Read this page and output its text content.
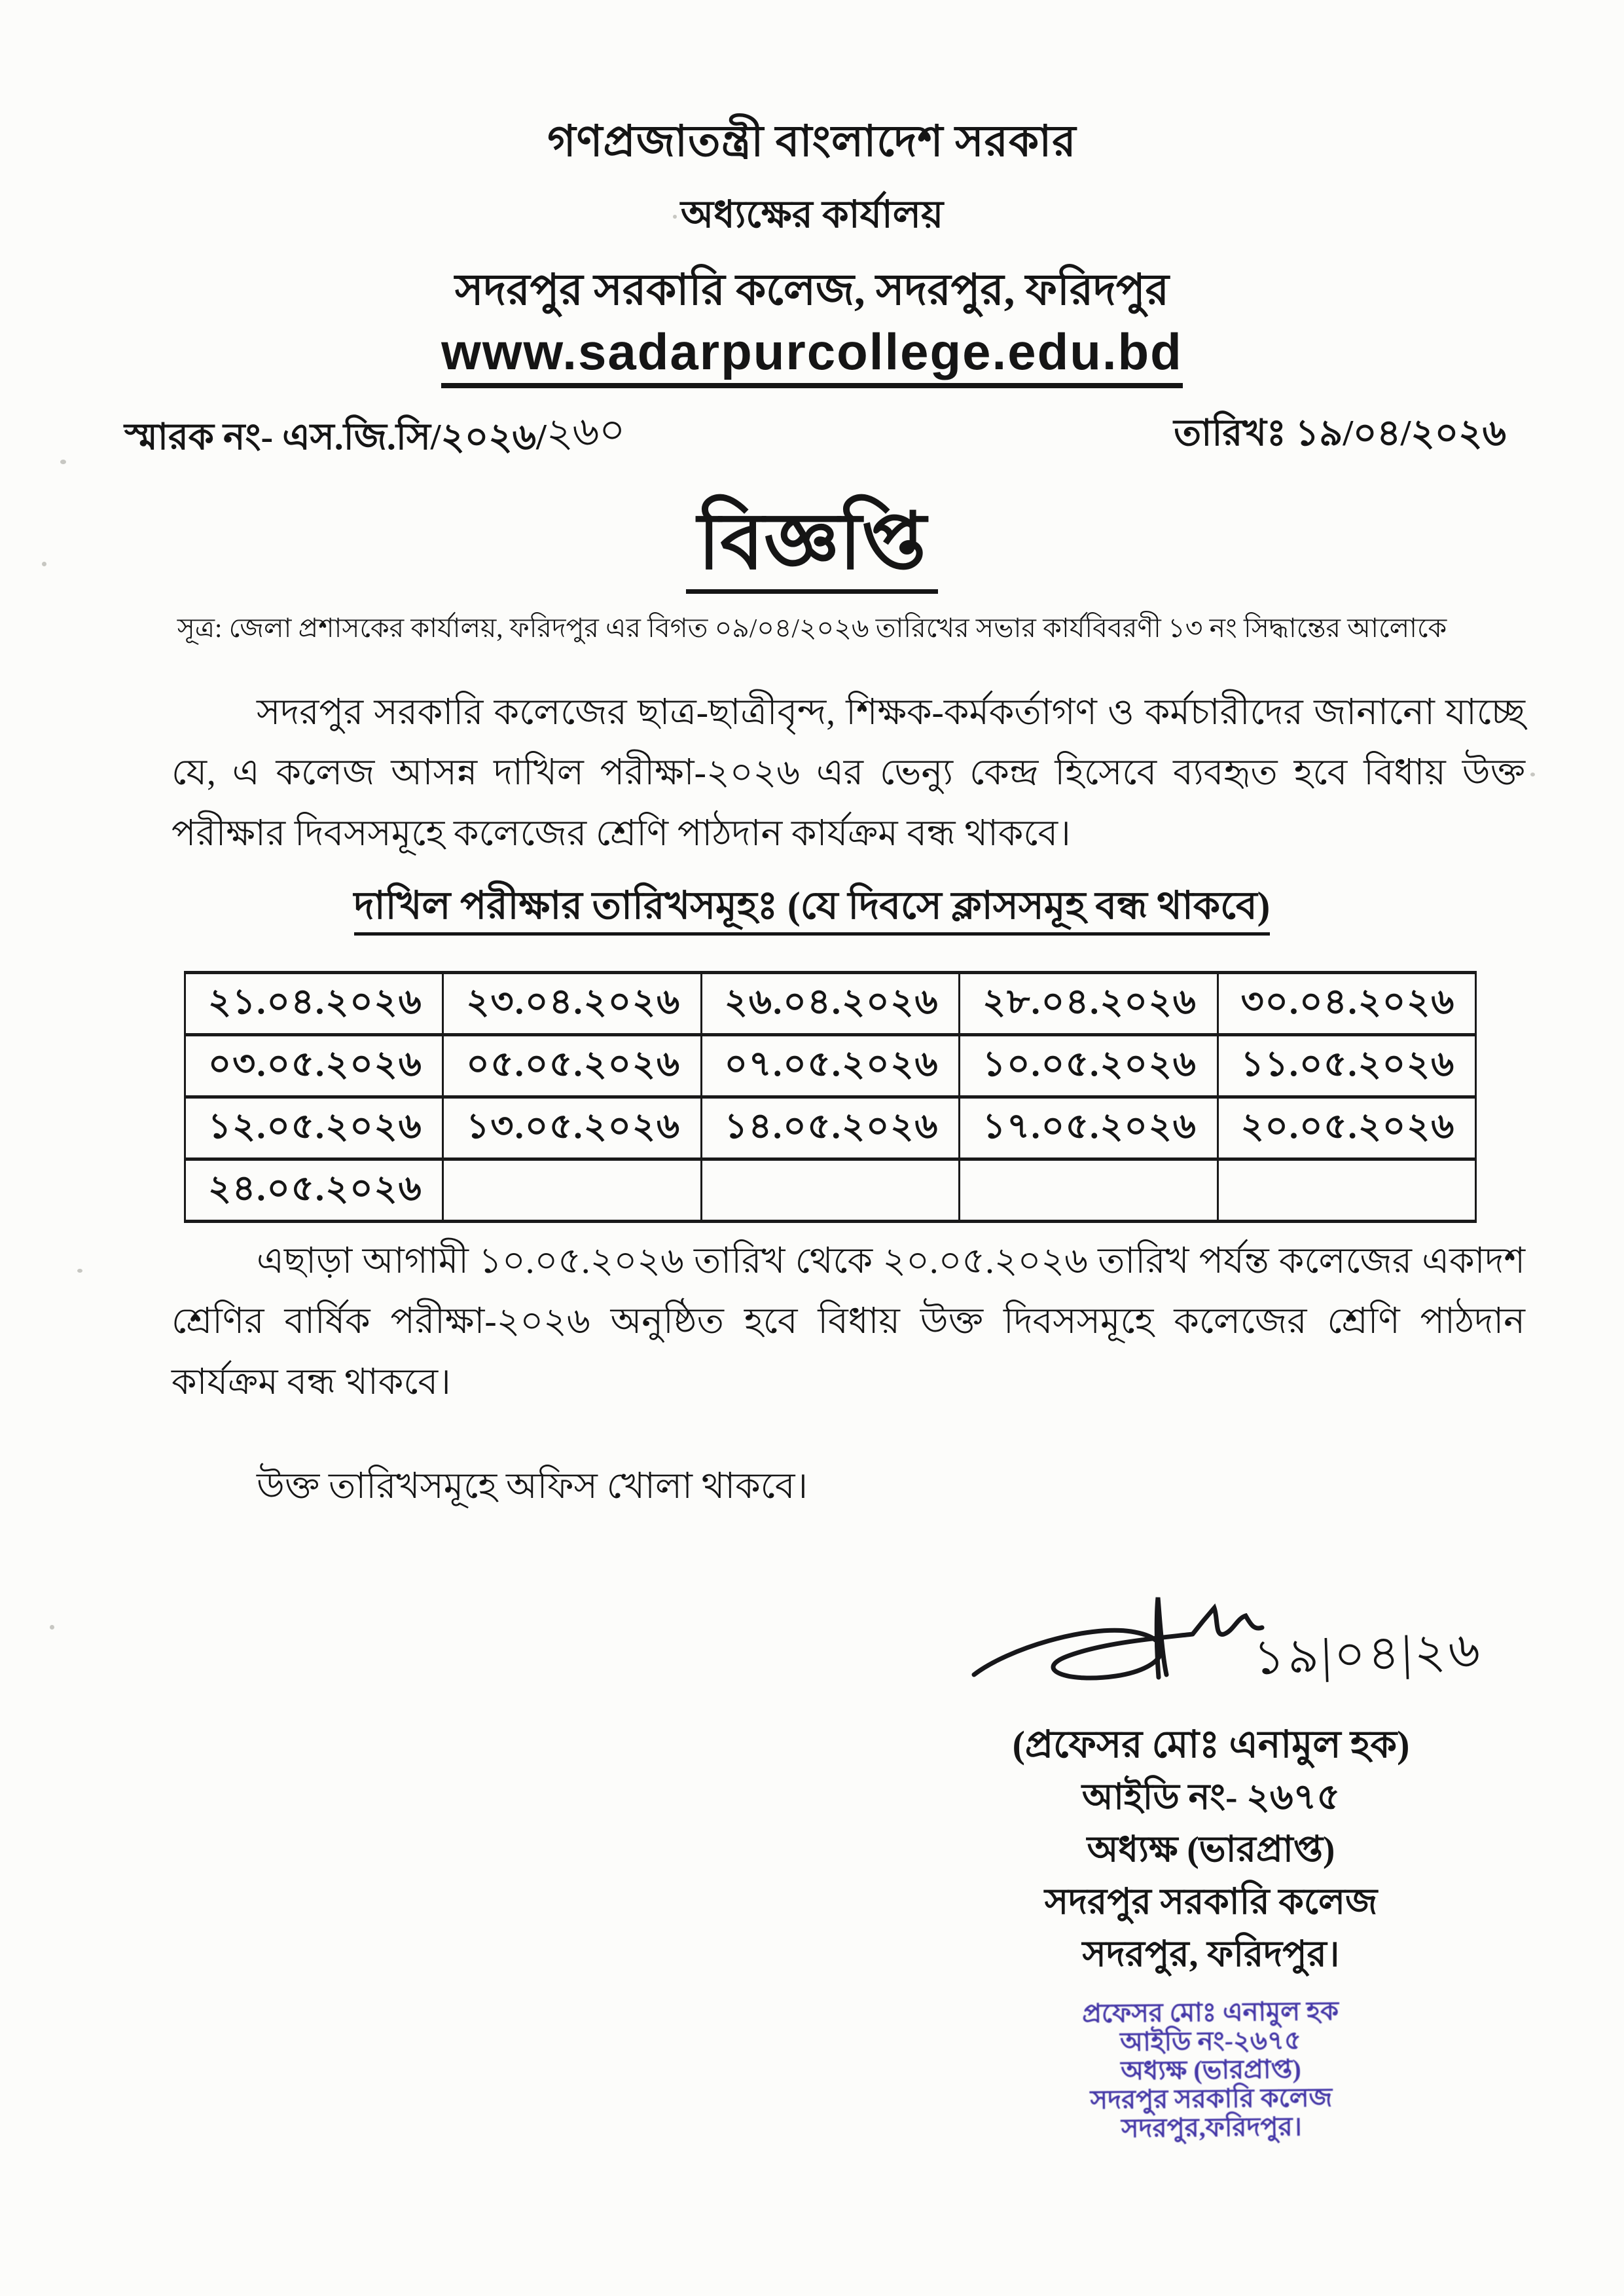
গণপ্রজাতন্ত্রী বাংলাদেশ সরকার
অধ্যক্ষের কার্যালয়
সদরপুর সরকারি কলেজ, সদরপুর, ফরিদপুর
www.sadarpurcollege.edu.bd
স্মারক নং- এস.জি.সি/২০২৬/২৬০	তারিখঃ ১৯/০৪/২০২৬
বিজ্ঞপ্তি
সূত্র: জেলা প্রশাসকের কার্যালয়, ফরিদপুর এর বিগত ০৯/০৪/২০২৬ তারিখের সভার কার্যবিবরণী ১৩ নং সিদ্ধান্তের আলোকে
সদরপুর সরকারি কলেজের ছাত্র-ছাত্রীবৃন্দ, শিক্ষক-কর্মকর্তাগণ ও কর্মচারীদের জানানো যাচ্ছে যে, এ কলেজ আসন্ন দাখিল পরীক্ষা-২০২৬ এর ভেন্যু কেন্দ্র হিসেবে ব্যবহৃত হবে বিধায় উক্ত পরীক্ষার দিবসসমূহে কলেজের শ্রেণি পাঠদান কার্যক্রম বন্ধ থাকবে।
দাখিল পরীক্ষার তারিখসমূহঃ (যে দিবসে ক্লাসসমূহ বন্ধ থাকবে)
২১.০৪.২০২৬	২৩.০৪.২০২৬	২৬.০৪.২০২৬	২৮.০৪.২০২৬	৩০.০৪.২০২৬
০৩.০৫.২০২৬	০৫.০৫.২০২৬	০৭.০৫.২০২৬	১০.০৫.২০২৬	১১.০৫.২০২৬
১২.০৫.২০২৬	১৩.০৫.২০২৬	১৪.০৫.২০২৬	১৭.০৫.২০২৬	২০.০৫.২০২৬
২৪.০৫.২০২৬				
এছাড়া আগামী ১০.০৫.২০২৬ তারিখ থেকে ২০.০৫.২০২৬ তারিখ পর্যন্ত কলেজের একাদশ শ্রেণির বার্ষিক পরীক্ষা-২০২৬ অনুষ্ঠিত হবে বিধায় উক্ত দিবসসমূহে কলেজের শ্রেণি পাঠদান কার্যক্রম বন্ধ থাকবে।
উক্ত তারিখসমূহে অফিস খোলা থাকবে।
১৯|০৪|২৬
(প্রফেসর মোঃ এনামুল হক)
আইডি নং- ২৬৭৫
অধ্যক্ষ (ভারপ্রাপ্ত)
সদরপুর সরকারি কলেজ
সদরপুর, ফরিদপুর।
প্রফেসর মোঃ এনামুল হক
আইডি নং-২৬৭৫
অধ্যক্ষ (ভারপ্রাপ্ত)
সদরপুর সরকারি কলেজ
সদরপুর,ফরিদপুর।
